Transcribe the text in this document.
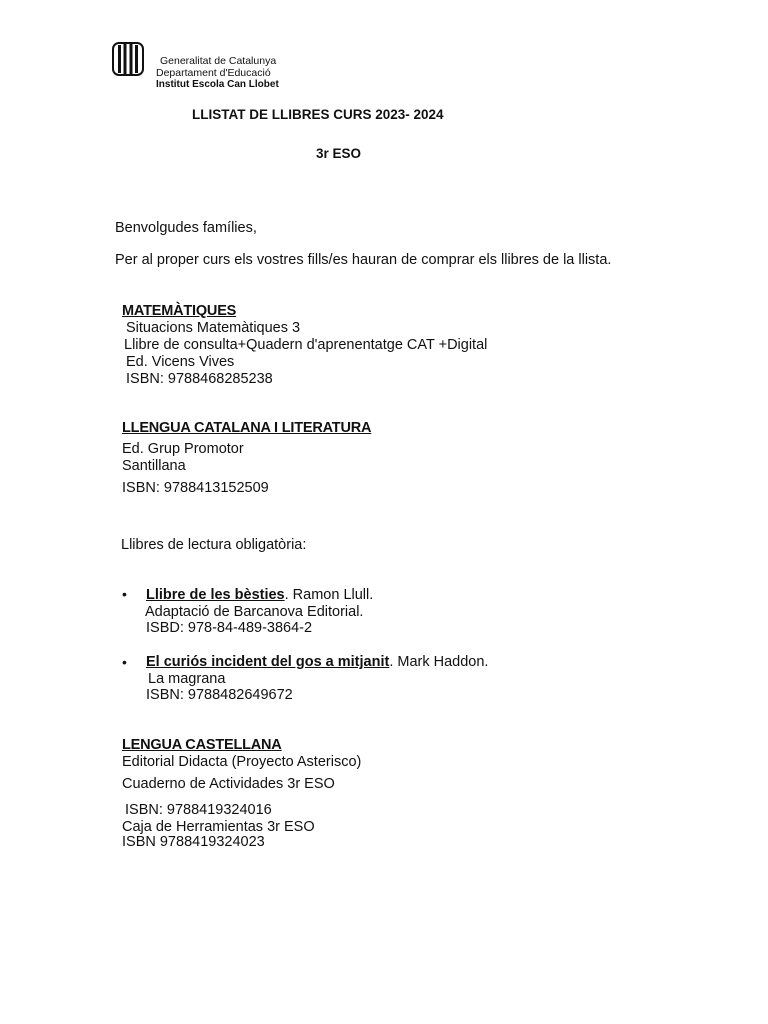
Generalitat de Catalunya
Departament d'Educació
Institut Escola Can Llobet
LLISTAT DE LLIBRES CURS 2023- 2024
3r ESO
Benvolgudes famílies,
Per al proper curs els vostres fills/es hauran de comprar els llibres de la llista.
MATEMÀTIQUES
Situacions Matemàtiques 3
Llibre de consulta+Quadern d'aprenentatge CAT +Digital
Ed. Vicens Vives
ISBN: 9788468285238
LLENGUA CATALANA I LITERATURA
Ed. Grup Promotor
Santillana
ISBN: 9788413152509
Llibres de lectura obligatòria:
• Llibre de les bèsties. Ramon Llull.
Adaptació de Barcanova Editorial.
ISBD: 978-84-489-3864-2
• El curiós incident del gos a mitjanit. Mark Haddon.
La magrana
ISBN: 9788482649672
LENGUA CASTELLANA
Editorial Didacta (Proyecto Asterisco)
Cuaderno de Actividades 3r ESO
ISBN: 9788419324016
Caja de Herramientas 3r ESO
ISBN 9788419324023
